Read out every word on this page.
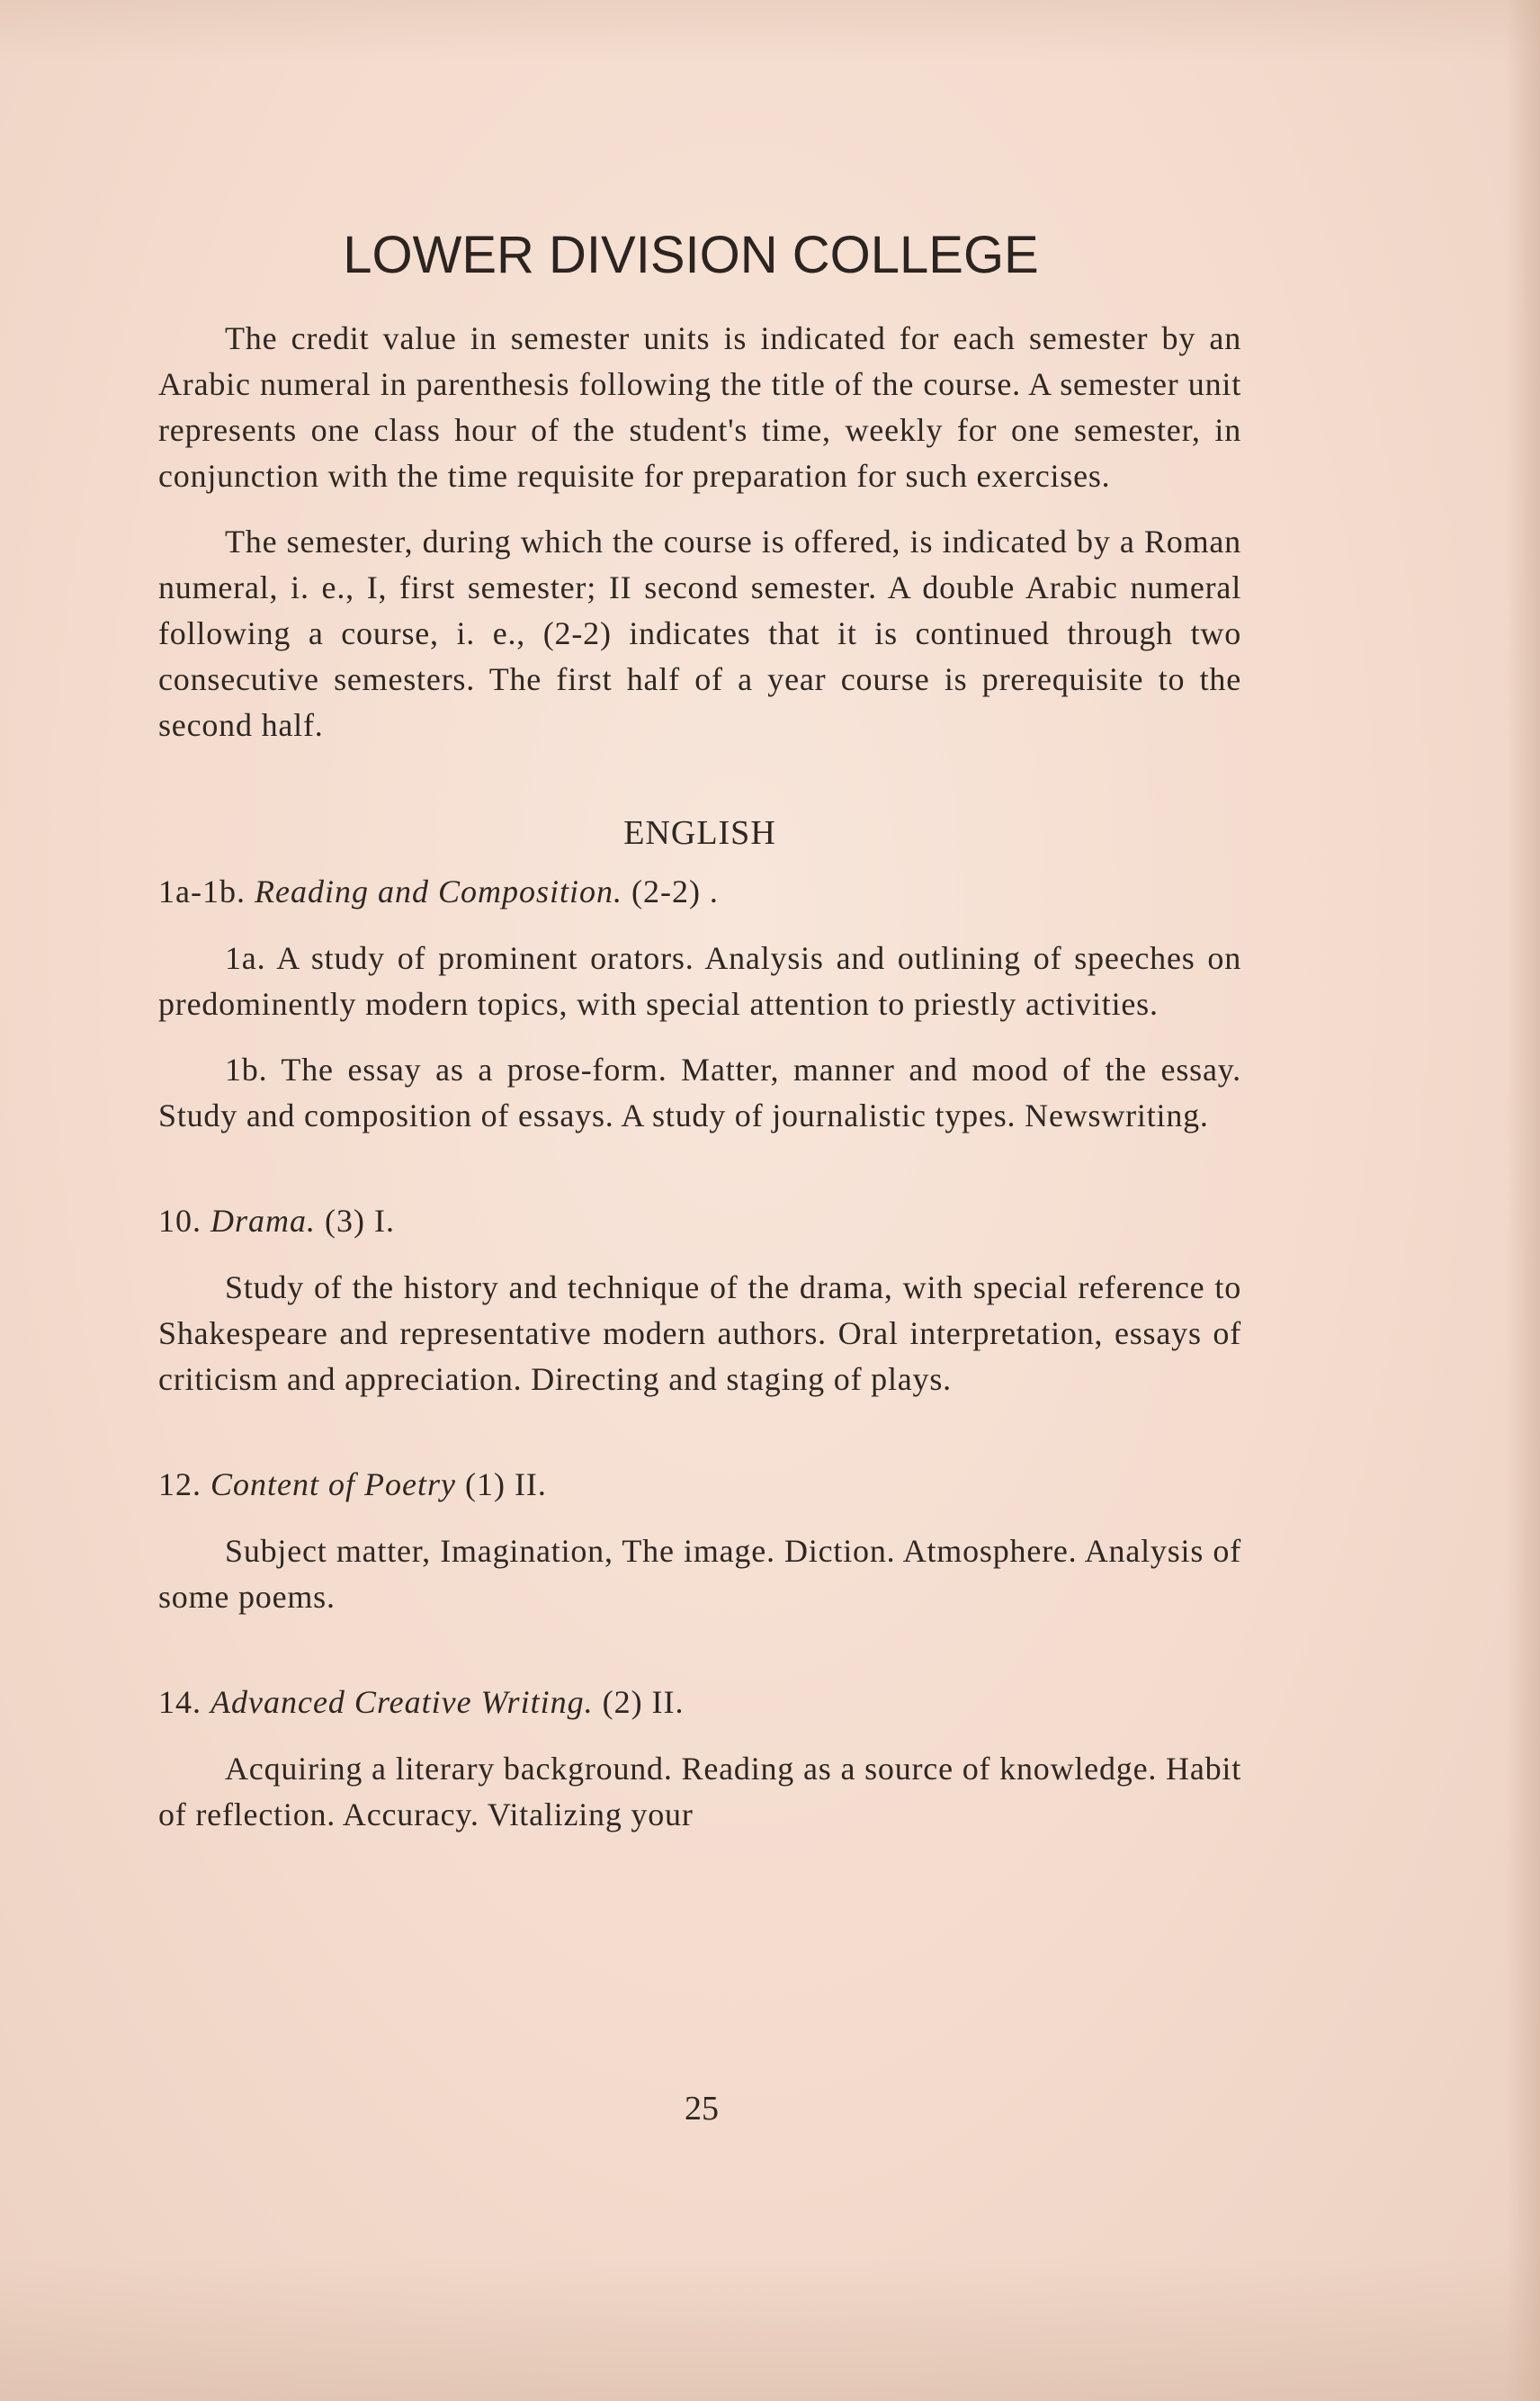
LOWER DIVISION COLLEGE

The credit value in semester units is indicated for each semester by an Arabic numeral in parenthesis following the title of the course. A semester unit represents one class hour of the student's time, weekly for one semester, in conjunction with the time requisite for preparation for such exercises.

The semester, during which the course is offered, is indicated by a Roman numeral, i. e., I, first semester; II second semester. A double Arabic numeral following a course, i. e., (2-2) indicates that it is continued through two consecutive semesters. The first half of a year course is prerequisite to the second half.

ENGLISH
1a-1b. Reading and Composition. (2-2) .

1a. A study of prominent orators. Analysis and outlining of speeches on predominently modern topics, with special attention to priestly activities.

1b. The essay as a prose-form. Matter, manner and mood of the essay. Study and composition of essays. A study of journalistic types. Newswriting.

10. Drama. (3) I.

Study of the history and technique of the drama, with special reference to Shakespeare and representative modern authors. Oral interpretation, essays of criticism and appreciation. Directing and staging of plays.

12. Content of Poetry (1) II.

Subject matter, Imagination, The image. Diction. Atmosphere. Analysis of some poems.

14. Advanced Creative Writing. (2) II.

Acquiring a literary background. Reading as a source of knowledge. Habit of reflection. Accuracy. Vitalizing your

25
